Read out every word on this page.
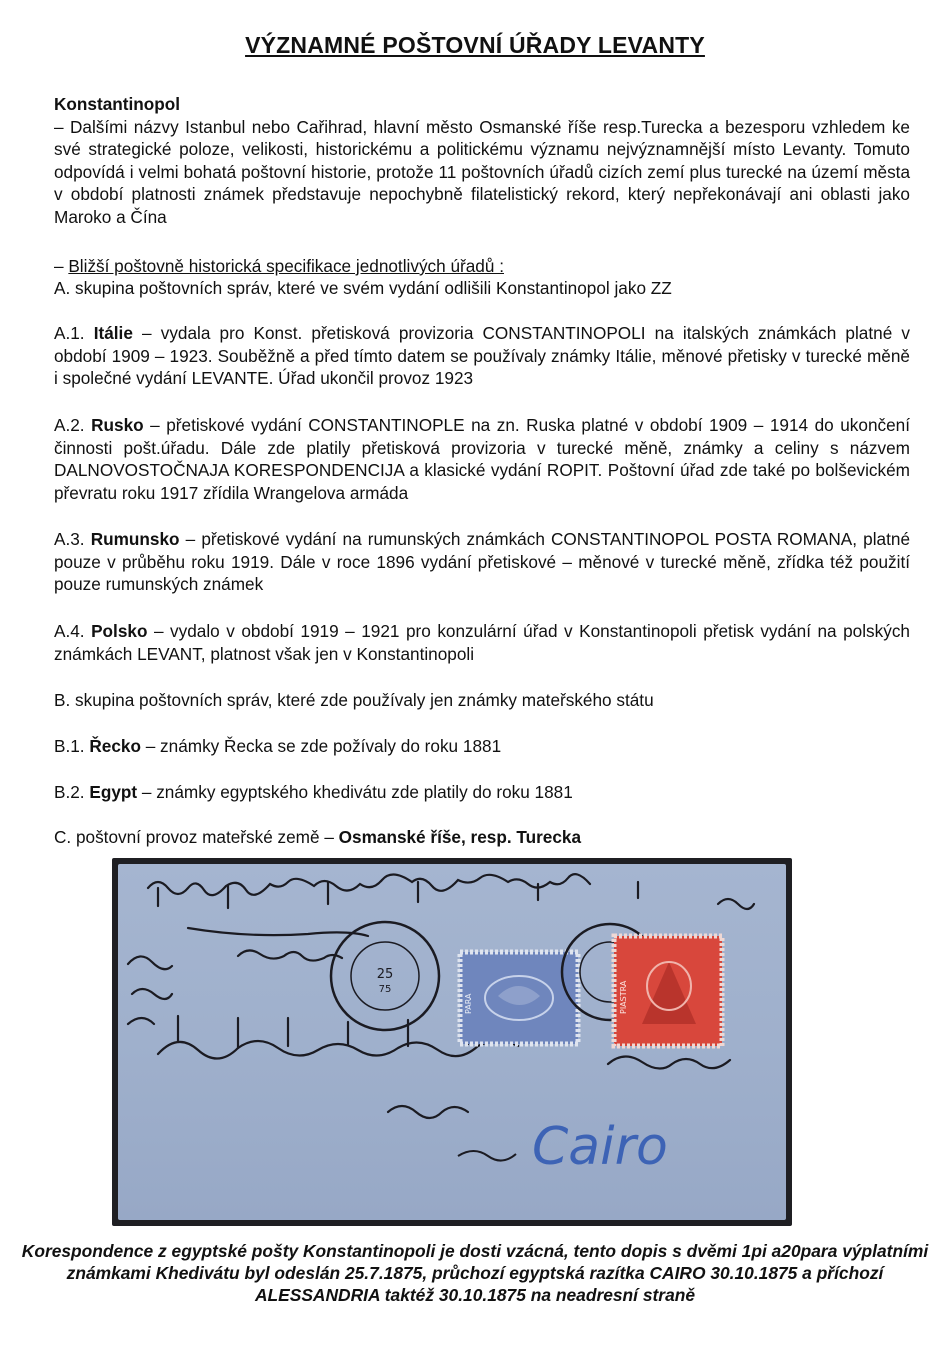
VÝZNAMNÉ POŠTOVNÍ ÚŘADY LEVANTY
Konstantinopol
– Dalšími názvy Istanbul nebo Cařihrad, hlavní město Osmanské říše resp.Turecka a bezesporu vzhledem ke své strategické poloze, velikosti, historickému a politickému významu nejvýznamnější místo Levanty. Tomuto odpovídá i velmi bohatá poštovní historie, protože 11 poštovních úřadů cizích zemí plus turecké na území města v období platnosti známek představuje nepochybně filatelistický rekord, který nepřekonávají ani oblasti jako Maroko a Čína
– Bližší poštovně historická specifikace jednotlivých úřadů :
A. skupina poštovních správ, které ve svém vydání odlišili Konstantinopol jako ZZ
A.1. Itálie – vydala pro Konst. přetisková provizoria CONSTANTINOPOLI na italských známkách platné v období 1909 – 1923. Souběžně a před tímto datem se používaly známky Itálie, měnové přetisky v turecké měně i společné vydání LEVANTE. Úřad ukončil provoz 1923
A.2. Rusko – přetiskové vydání CONSTANTINOPLE na zn. Ruska platné v období 1909 – 1914 do ukončení činnosti pošt.úřadu. Dále zde platily přetisková provizoria v turecké měně, známky a celiny s názvem DALNOVOSTOČNAJA KORESPONDENCIJA a klasické vydání ROPIT. Poštovní úřad zde také po bolševickém převratu roku 1917 zřídila Wrangelova armáda
A.3. Rumunsko – přetiskové vydání na rumunských známkách CONSTANTINOPOL POSTA ROMANA, platné pouze v průběhu roku 1919. Dále v roce 1896 vydání přetiskové – měnové v turecké měně, zřídka též použití pouze rumunských známek
A.4. Polsko – vydalo v období 1919 – 1921 pro konzulární úřad v Konstantinopoli přetisk vydání na polských známkách LEVANT, platnost však jen v Konstantinopoli
B. skupina poštovních správ, které zde používaly jen známky mateřského státu
B.1. Řecko – známky Řecka se zde požívaly do roku 1881
B.2. Egypt – známky egyptského khedivátu zde platily do roku 1881
C. poštovní provoz mateřské země – Osmanské říše, resp. Turecka
25
75
PARA	PIASTRA
Cairo
Korespondence z egyptské pošty Konstantinopoli je dosti vzácná, tento dopis s dvěmi 1pi a20para výplatními známkami Khedivátu byl odeslán 25.7.1875, průchozí egyptská razítka CAIRO 30.10.1875 a příchozí ALESSANDRIA taktéž 30.10.1875 na neadresní straně
